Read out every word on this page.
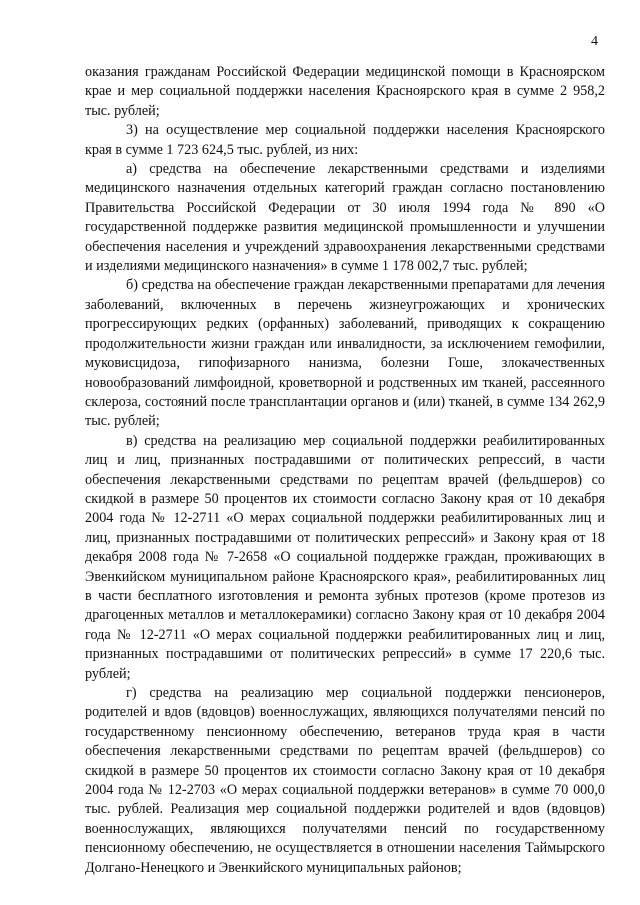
4

оказания гражданам Российской Федерации медицинской помощи в Красноярском крае и мер социальной поддержки населения Красноярского края в сумме 2 958,2 тыс. рублей;

3) на осуществление мер социальной поддержки населения Красноярского края в сумме 1 723 624,5 тыс. рублей, из них:

а) средства на обеспечение лекарственными средствами и изделиями медицинского назначения отдельных категорий граждан согласно постановлению Правительства Российской Федерации от 30 июля 1994 года № 890 «О государственной поддержке развития медицинской промышленности и улучшении обеспечения населения и учреждений здравоохранения лекарственными средствами и изделиями медицинского назначения» в сумме 1 178 002,7 тыс. рублей;

б) средства на обеспечение граждан лекарственными препаратами для лечения заболеваний, включенных в перечень жизнеугрожающих и хронических прогрессирующих редких (орфанных) заболеваний, приводящих к сокращению продолжительности жизни граждан или инвалидности, за исключением гемофилии, муковисцидоза, гипофизарного нанизма, болезни Гоше, злокачественных новообразований лимфоидной, кроветворной и родственных им тканей, рассеянного склероза, состояний после трансплантации органов и (или) тканей, в сумме 134 262,9 тыс. рублей;

в) средства на реализацию мер социальной поддержки реабилитированных лиц и лиц, признанных пострадавшими от политических репрессий, в части обеспечения лекарственными средствами по рецептам врачей (фельдшеров) со скидкой в размере 50 процентов их стоимости согласно Закону края от 10 декабря 2004 года № 12-2711 «О мерах социальной поддержки реабилитированных лиц и лиц, признанных пострадавшими от политических репрессий» и Закону края от 18 декабря 2008 года № 7-2658 «О социальной поддержке граждан, проживающих в Эвенкийском муниципальном районе Красноярского края», реабилитированных лиц в части бесплатного изготовления и ремонта зубных протезов (кроме протезов из драгоценных металлов и металлокерамики) согласно Закону края от 10 декабря 2004 года № 12-2711 «О мерах социальной поддержки реабилитированных лиц и лиц, признанных пострадавшими от политических репрессий» в сумме 17 220,6 тыс. рублей;

г) средства на реализацию мер социальной поддержки пенсионеров, родителей и вдов (вдовцов) военнослужащих, являющихся получателями пенсий по государственному пенсионному обеспечению, ветеранов труда края в части обеспечения лекарственными средствами по рецептам врачей (фельдшеров) со скидкой в размере 50 процентов их стоимости согласно Закону края от 10 декабря 2004 года № 12-2703 «О мерах социальной поддержки ветеранов» в сумме 70 000,0 тыс. рублей. Реализация мер социальной поддержки родителей и вдов (вдовцов) военнослужащих, являющихся получателями пенсий по государственному пенсионному обеспечению, не осуществляется в отношении населения Таймырского Долгано-Ненецкого и Эвенкийского муниципальных районов;
